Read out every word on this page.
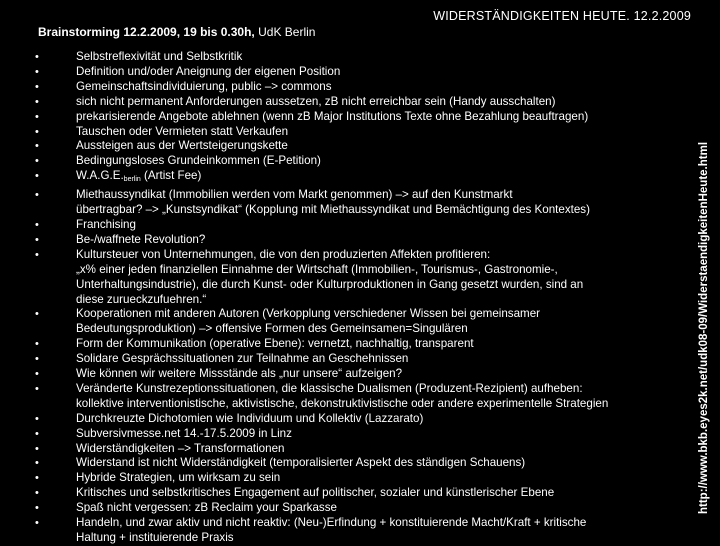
WIDERSTÄNDIGKEITEN HEUTE. 12.2.2009
Brainstorming 12.2.2009, 19 bis 0.30h, UdK Berlin
•	Selbstreflexivität und Selbstkritik
•	Definition und/oder Aneignung der eigenen Position
•	Gemeinschaftsindividuierung, public –> commons
•	sich nicht permanent Anforderungen aussetzen, zB nicht erreichbar sein (Handy ausschalten)
•	prekarisierende Angebote ablehnen (wenn zB Major Institutions Texte ohne Bezahlung beauftragen)
•	Tauschen oder Vermieten statt Verkaufen
•	Aussteigen aus der Wertsteigerungskette
•	Bedingungsloses Grundeinkommen (E-Petition)
•	$W.A.G.E._{berlin}$ (Artist Fee)
•	Miethaussyndikat (Immobilien werden vom Markt genommen) –> auf den Kunstmarkt
übertragbar? –> „Kunstsyndikat“ (Kopplung mit Miethaussyndikat und Bemächtigung des Kontextes)
•	Franchising
•	Be-/waffnete Revolution?
•	Kultursteuer von Unternehmungen, die von den produzierten Affekten profitieren:
„x% einer jeden finanziellen Einnahme der Wirtschaft (Immobilien-, Tourismus-, Gastronomie-,
Unterhaltungsindustrie), die durch Kunst- oder Kulturproduktionen in Gang gesetzt wurden, sind an
diese zurueckzufuehren.“
•	Kooperationen mit anderen Autoren (Verkopplung verschiedener Wissen bei gemeinsamer
Bedeutungsproduktion) –> offensive Formen des Gemeinsamen=Singulären
•	Form der Kommunikation (operative Ebene): vernetzt, nachhaltig, transparent
•	Solidare Gesprächssituationen zur Teilnahme an Geschehnissen
•	Wie können wir weitere Missstände als „nur unsere“ aufzeigen?
•	Veränderte Kunstrezeptionssituationen, die klassische Dualismen (Produzent-Rezipient) aufheben:
kollektive interventionistische, aktivistische, dekonstruktivistische oder andere experimentelle Strategien
•	Durchkreuzte Dichotomien wie Individuum und Kollektiv (Lazzarato)
•	Subversivmesse.net 14.-17.5.2009 in Linz
•	Widerständigkeiten –> Transformationen
•	Widerstand ist nicht Widerständigkeit (temporalisierter Aspekt des ständigen Schauens)
•	Hybride Strategien, um wirksam zu sein
•	Kritisches und selbstkritisches Engagement auf politischer, sozialer und künstlerischer Ebene
•	Spaß nicht vergessen: zB Reclaim your Sparkasse
•	Handeln, und zwar aktiv und nicht reaktiv: (Neu-)Erfindung + konstituierende Macht/Kraft + kritische
Haltung + instituierende Praxis
http://www.bkb.eyes2k.net/udk08-09/WiderstaendigkeitenHeute.html
